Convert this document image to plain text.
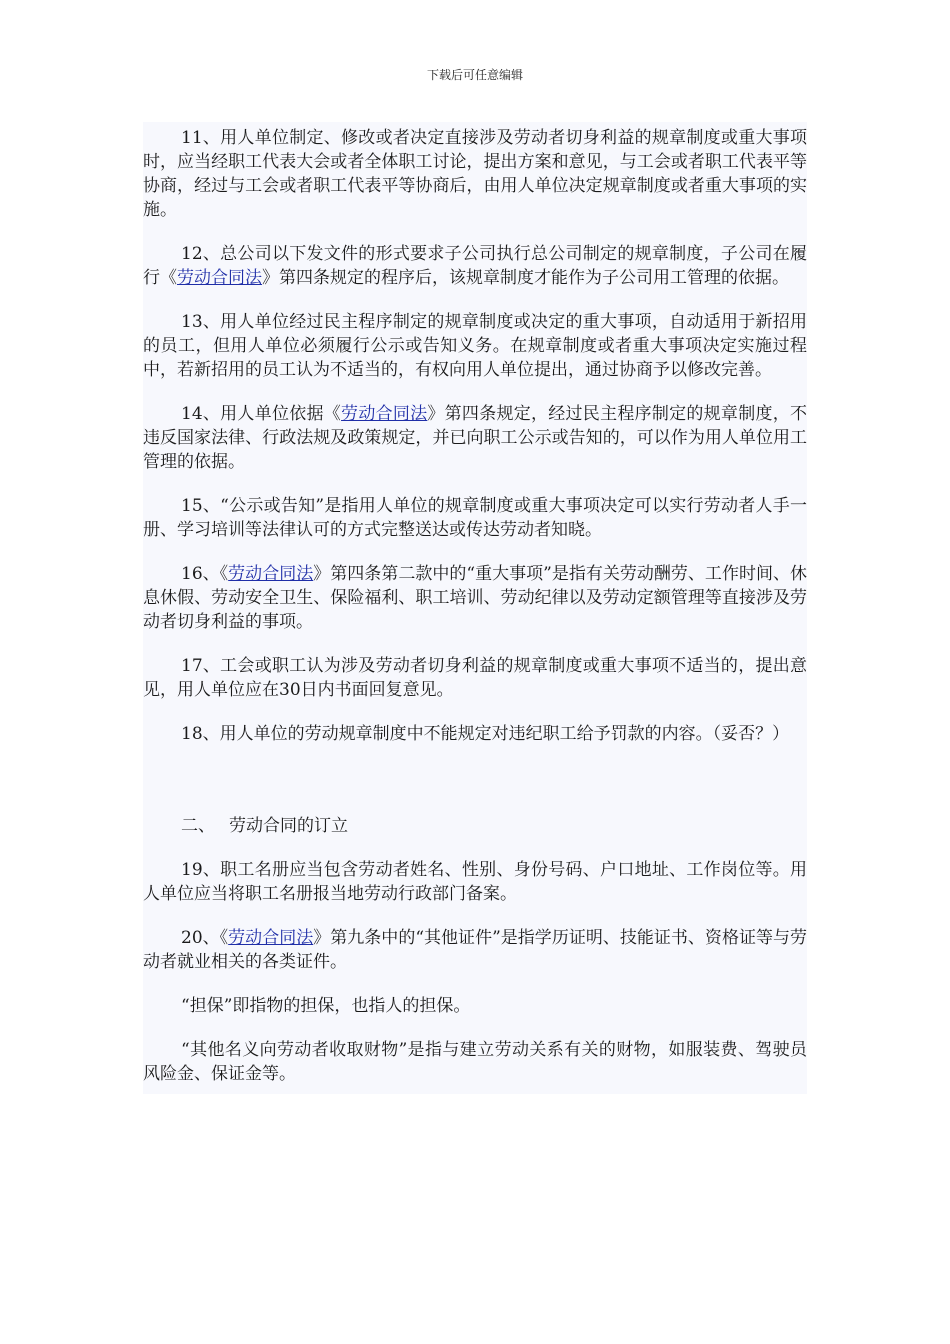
下载后可任意编辑

11、用人单位制定、修改或者决定直接涉及劳动者切身利益的规章制度或重大事项时，应当经职工代表大会或者全体职工讨论，提出方案和意见，与工会或者职工代表平等协商，经过与工会或者职工代表平等协商后，由用人单位决定规章制度或者重大事项的实施。

12、总公司以下发文件的形式要求子公司执行总公司制定的规章制度，子公司在履行《劳动合同法》第四条规定的程序后，该规章制度才能作为子公司用工管理的依据。

13、用人单位经过民主程序制定的规章制度或决定的重大事项，自动适用于新招用的员工，但用人单位必须履行公示或告知义务。在规章制度或者重大事项决定实施过程中，若新招用的员工认为不适当的，有权向用人单位提出，通过协商予以修改完善。

14、用人单位依据《劳动合同法》第四条规定，经过民主程序制定的规章制度，不违反国家法律、行政法规及政策规定，并已向职工公示或告知的，可以作为用人单位用工管理的依据。

15、“公示或告知”是指用人单位的规章制度或重大事项决定可以实行劳动者人手一册、学习培训等法律认可的方式完整送达或传达劳动者知晓。

16、《劳动合同法》第四条第二款中的“重大事项”是指有关劳动酬劳、工作时间、休息休假、劳动安全卫生、保险福利、职工培训、劳动纪律以及劳动定额管理等直接涉及劳动者切身利益的事项。

17、工会或职工认为涉及劳动者切身利益的规章制度或重大事项不适当的，提出意见，用人单位应在30日内书面回复意见。

18、用人单位的劳动规章制度中不能规定对违纪职工给予罚款的内容。（妥否？）

二、 劳动合同的订立

19、职工名册应当包含劳动者姓名、性别、身份号码、户口地址、工作岗位等。用人单位应当将职工名册报当地劳动行政部门备案。

20、《劳动合同法》第九条中的“其他证件”是指学历证明、技能证书、资格证等与劳动者就业相关的各类证件。

“担保”即指物的担保，也指人的担保。

“其他名义向劳动者收取财物”是指与建立劳动关系有关的财物，如服装费、驾驶员风险金、保证金等。
